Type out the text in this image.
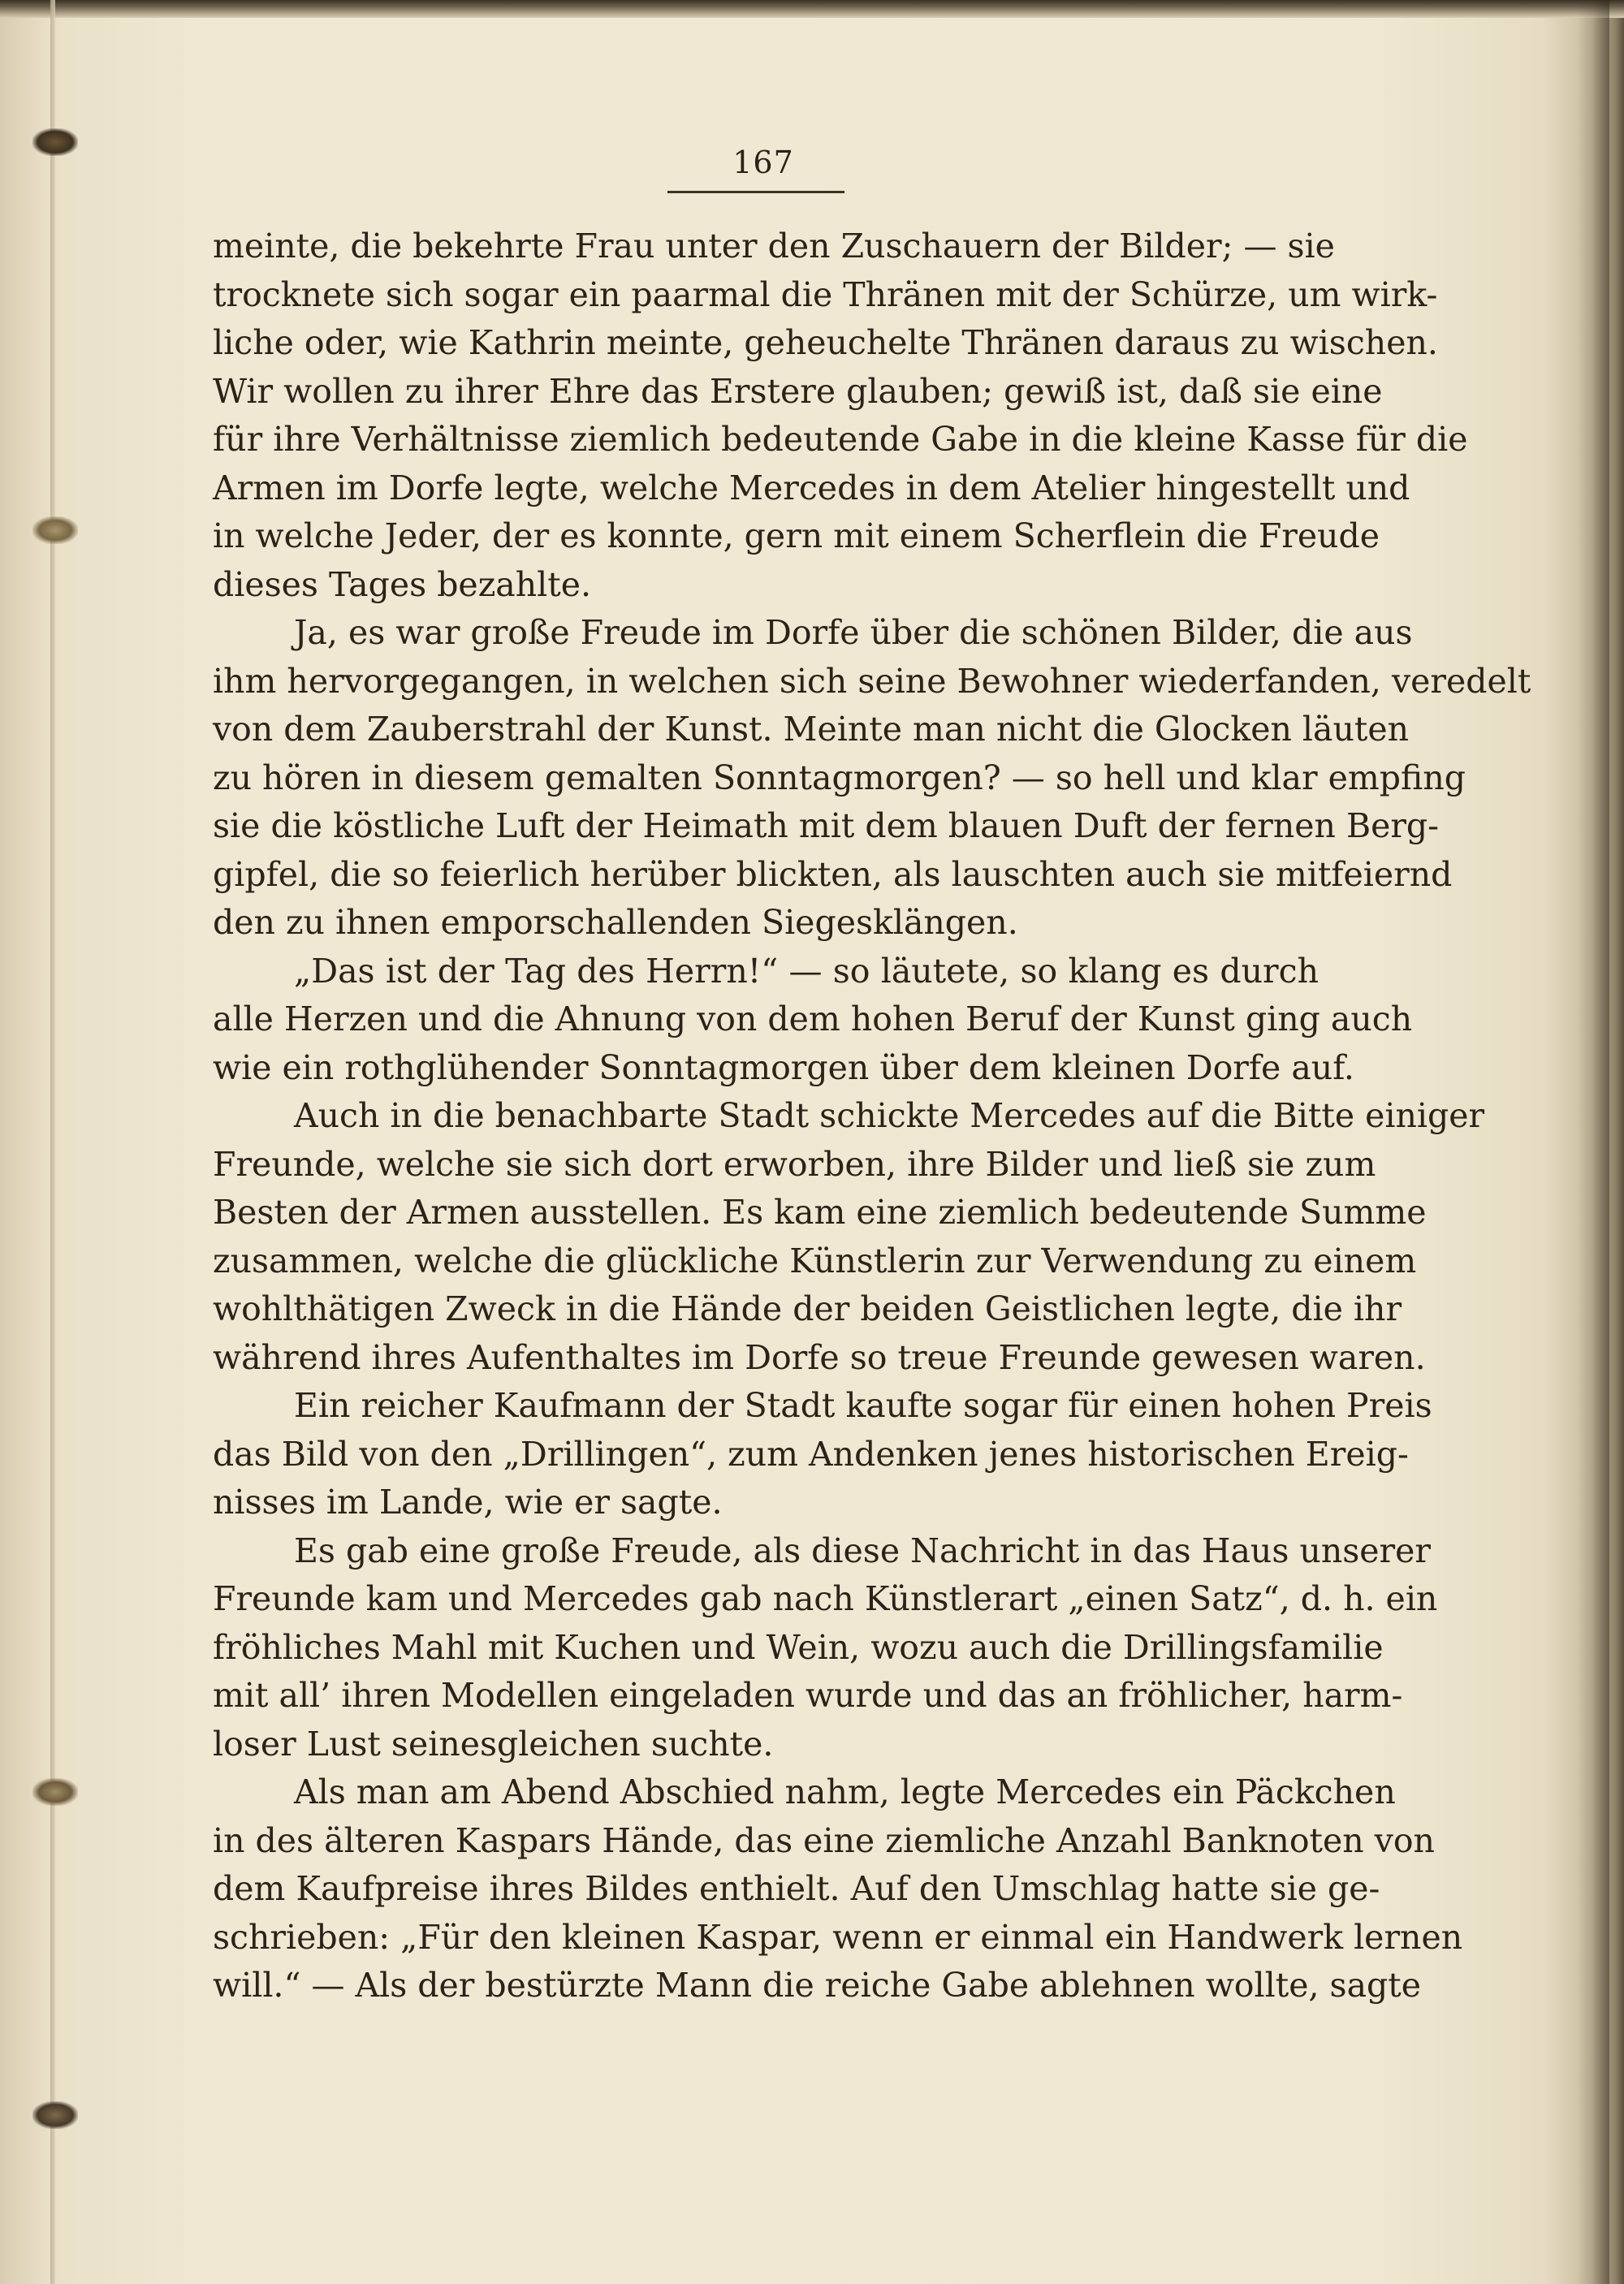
167
meinte, die bekehrte Frau unter den Zuschauern der Bilder; — sie
trocknete sich sogar ein paarmal die Thränen mit der Schürze, um wirk-
liche oder, wie Kathrin meinte, geheuchelte Thränen daraus zu wischen.
Wir wollen zu ihrer Ehre das Erstere glauben; gewiß ist, daß sie eine
für ihre Verhältnisse ziemlich bedeutende Gabe in die kleine Kasse für die
Armen im Dorfe legte, welche Mercedes in dem Atelier hingestellt und
in welche Jeder, der es konnte, gern mit einem Scherflein die Freude
dieses Tages bezahlte.
Ja, es war große Freude im Dorfe über die schönen Bilder, die aus
ihm hervorgegangen, in welchen sich seine Bewohner wiederfanden, veredelt
von dem Zauberstrahl der Kunst. Meinte man nicht die Glocken läuten
zu hören in diesem gemalten Sonntagmorgen? — so hell und klar empfing
sie die köstliche Luft der Heimath mit dem blauen Duft der fernen Berg-
gipfel, die so feierlich herüber blickten, als lauschten auch sie mitfeiernd
den zu ihnen emporschallenden Siegesklängen.
„Das ist der Tag des Herrn!“ — so läutete, so klang es durch
alle Herzen und die Ahnung von dem hohen Beruf der Kunst ging auch
wie ein rothglühender Sonntagmorgen über dem kleinen Dorfe auf.
Auch in die benachbarte Stadt schickte Mercedes auf die Bitte einiger
Freunde, welche sie sich dort erworben, ihre Bilder und ließ sie zum
Besten der Armen ausstellen. Es kam eine ziemlich bedeutende Summe
zusammen, welche die glückliche Künstlerin zur Verwendung zu einem
wohlthätigen Zweck in die Hände der beiden Geistlichen legte, die ihr
während ihres Aufenthaltes im Dorfe so treue Freunde gewesen waren.
Ein reicher Kaufmann der Stadt kaufte sogar für einen hohen Preis
das Bild von den „Drillingen“, zum Andenken jenes historischen Ereig-
nisses im Lande, wie er sagte.
Es gab eine große Freude, als diese Nachricht in das Haus unserer
Freunde kam und Mercedes gab nach Künstlerart „einen Satz“, d. h. ein
fröhliches Mahl mit Kuchen und Wein, wozu auch die Drillingsfamilie
mit all’ ihren Modellen eingeladen wurde und das an fröhlicher, harm-
loser Lust seinesgleichen suchte.
Als man am Abend Abschied nahm, legte Mercedes ein Päckchen
in des älteren Kaspars Hände, das eine ziemliche Anzahl Banknoten von
dem Kaufpreise ihres Bildes enthielt. Auf den Umschlag hatte sie ge-
schrieben: „Für den kleinen Kaspar, wenn er einmal ein Handwerk lernen
will.“ — Als der bestürzte Mann die reiche Gabe ablehnen wollte, sagte
